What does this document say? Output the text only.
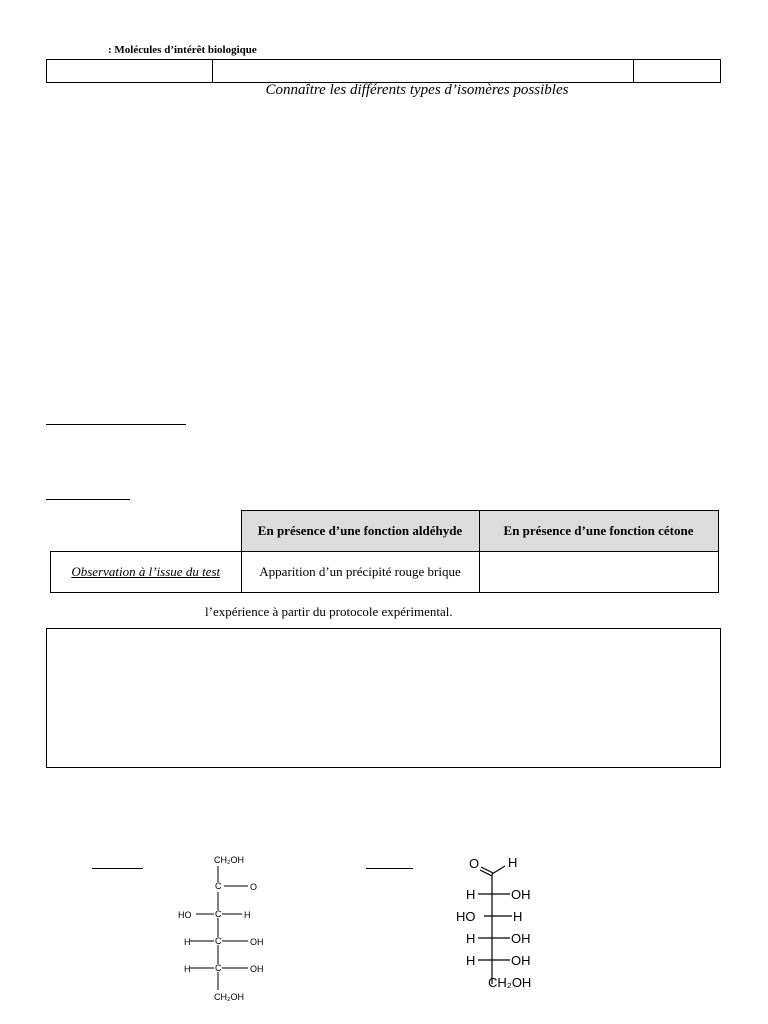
: Molécules d’intérêt biologique
Connaître les différents types d’isomères possibles
	En présence d’une fonction aldéhyde	En présence d’une fonction cétone
Observation à l’issue du test	Apparition d’un précipité rouge brique	
l’expérience à partir du protocole expérimental.
CH₂OH
C	O
HO	C	H
H	C	OH
H	C	OH
CH₂OH
O H
H	OH
HO	H
H	OH
H	OH
CH₂OH
